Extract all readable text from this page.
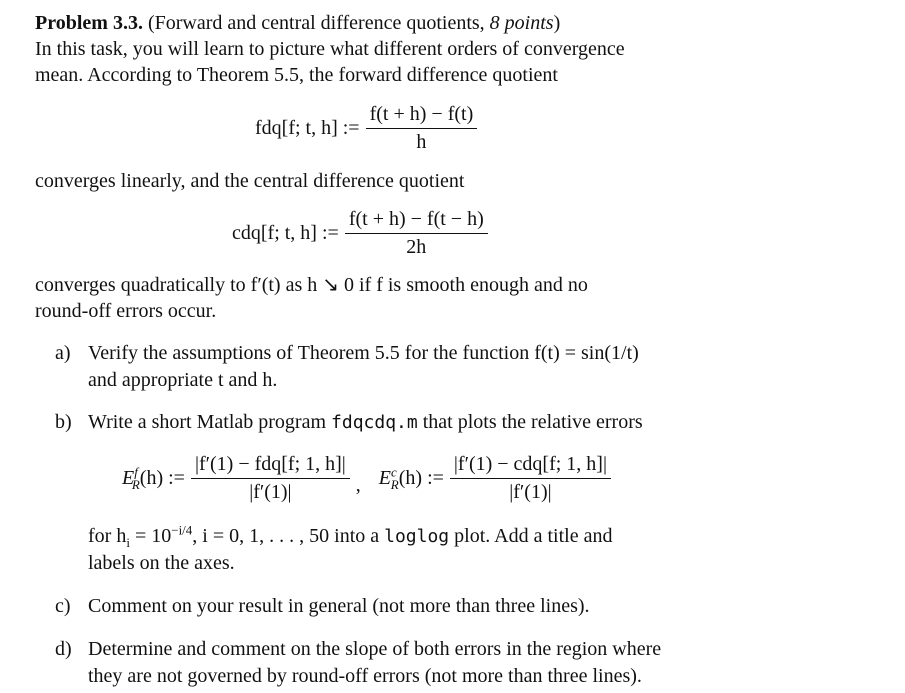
Problem 3.3. (Forward and central difference quotients, 8 points)
In this task, you will learn to picture what different orders of convergence
mean. According to Theorem 5.5, the forward difference quotient
fdq[f; t, h] := $\frac{f(t + h) - f(t)}{h}$
converges linearly, and the central difference quotient
cdq[f; t, h] := $\frac{f(t + h) - f(t - h)}{2h}$
converges quadratically to f′(t) as h ↘ 0 if f is smooth enough and no
round-off errors occur.
a) Verify the assumptions of Theorem 5.5 for the function f(t) = sin(1/t)
and appropriate t and h.
b) Write a short Matlab program fdqcdq.m that plots the relative errors
$E^f_R(h)$ := $\frac{\text{|f′(1) − fdq[f; 1, h]|}}{|f'(1)|}$ , $E^c_R(h)$ := $\frac{\text{|f′(1) − cdq[f; 1, h]|}}{|f'(1)|}$
for $h_i = 10^{-i/4}$, i = 0, 1, . . . , 50 into a loglog plot. Add a title and
labels on the axes.
c) Comment on your result in general (not more than three lines).
d) Determine and comment on the slope of both errors in the region where
they are not governed by round-off errors (not more than three lines).
